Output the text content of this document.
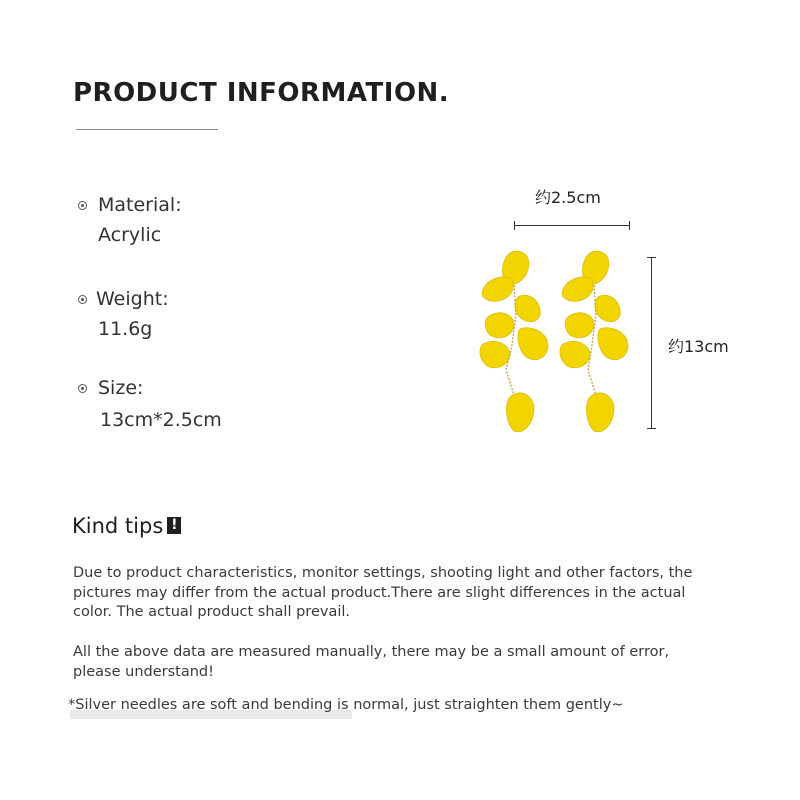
PRODUCT INFORMATION.
Material:
Acrylic
Weight:
11.6g
Size:
13cm*2.5cm
约2.5cm
约13cm
Kind tips !
Due to product characteristics, monitor settings, shooting light and other factors, the pictures may differ from the actual product.There are slight differences in the actual color. The actual product shall prevail.
All the above data are measured manually, there may be a small amount of error, please understand!
*Silver needles are soft and bending is normal, just straighten them gently~
